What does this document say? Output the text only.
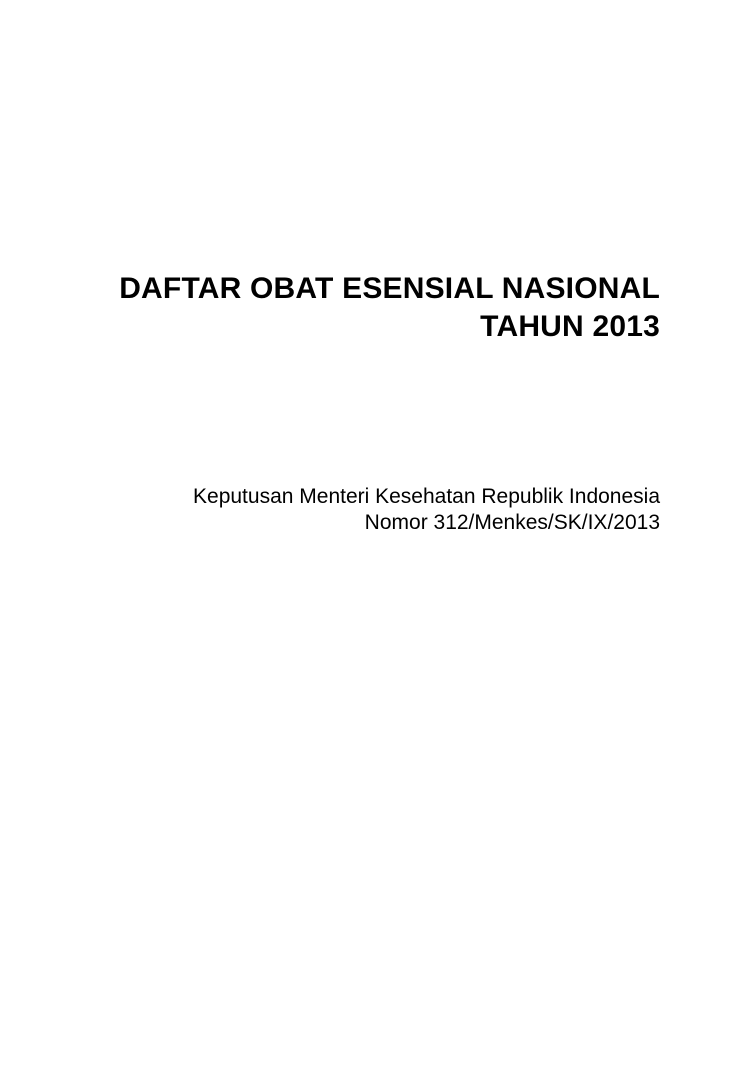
DAFTAR OBAT ESENSIAL NASIONAL
TAHUN 2013

Keputusan Menteri Kesehatan Republik Indonesia
Nomor 312/Menkes/SK/IX/2013
